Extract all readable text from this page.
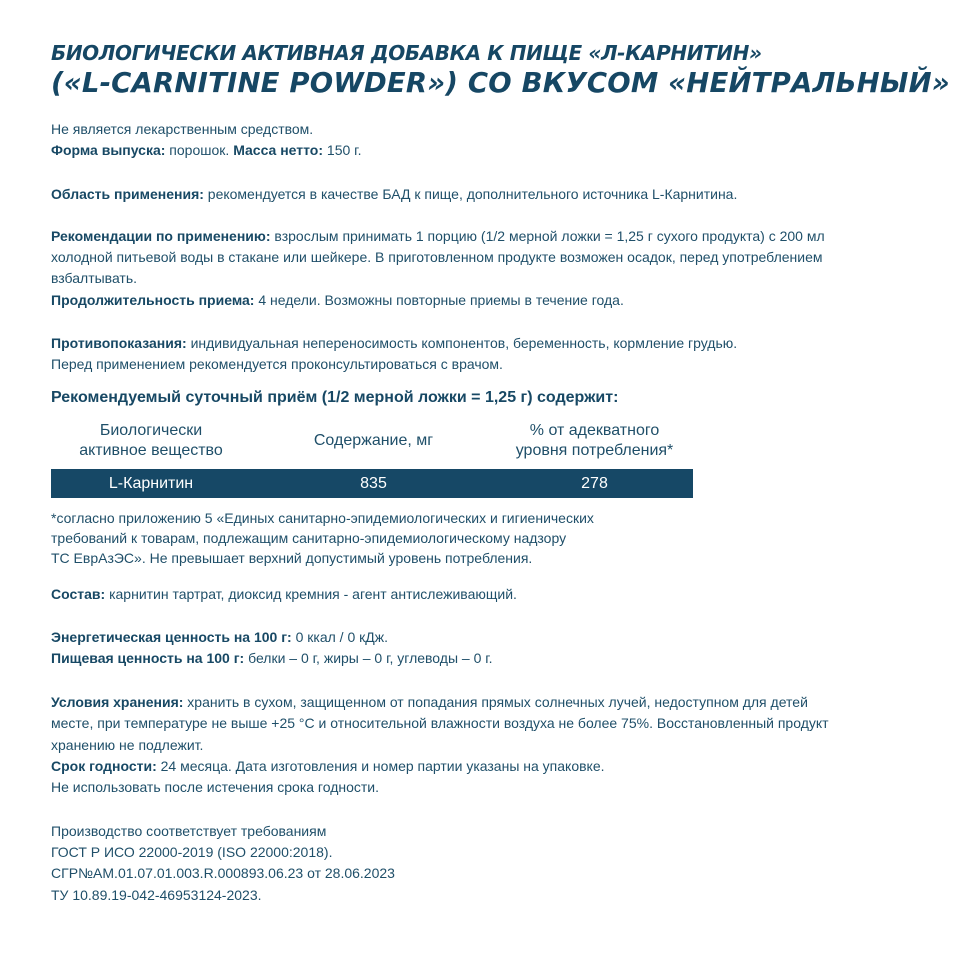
БИОЛОГИЧЕСКИ АКТИВНАЯ ДОБАВКА К ПИЩЕ «Л-КАРНИТИН»
(«L-CARNITINE POWDER») СО ВКУСОМ «НЕЙТРАЛЬНЫЙ»

Не является лекарственным средством.

Форма выпуска: порошок. Масса нетто: 150 г.

Область применения: рекомендуется в качестве БАД к пище, дополнительного источника L-Карнитина.

Рекомендации по применению: взрослым принимать 1 порцию (1/2 мерной ложки = 1,25 г сухого продукта) с 200 мл

холодной питьевой воды в стакане или шейкере. В приготовленном продукте возможен осадок, перед употреблением

взбалтывать.

Продолжительность приема: 4 недели. Возможны повторные приемы в течение года.

Противопоказания: индивидуальная непереносимость компонентов, беременность, кормление грудью.

Перед применением рекомендуется проконсультироваться с врачом.

Рекомендуемый суточный приём (1/2 мерной ложки = 1,25 г) содержит:
Биологически
активное вещество
Содержание, мг
% от адекватного
уровня потребления*
L-Карнитин	835	278

*согласно приложению 5 «Единых санитарно-эпидемиологических и гигиенических

требований к товарам, подлежащим санитарно-эпидемиологическому надзору

ТС ЕврАзЭС». Не превышает верхний допустимый уровень потребления.

Состав: карнитин тартрат, диоксид кремния - агент антислеживающий.

Энергетическая ценность на 100 г: 0 ккал / 0 кДж.

Пищевая ценность на 100 г: белки – 0 г, жиры – 0 г, углеводы – 0 г.

Условия хранения: хранить в сухом, защищенном от попадания прямых солнечных лучей, недоступном для детей

месте, при температуре не выше +25 °С и относительной влажности воздуха не более 75%. Восстановленный продукт

хранению не подлежит.

Срок годности: 24 месяца. Дата изготовления и номер партии указаны на упаковке.

Не использовать после истечения срока годности.

Производство соответствует требованиям

ГОСТ Р ИСО 22000-2019 (ISO 22000:2018).

СГР№AM.01.07.01.003.R.000893.06.23 от 28.06.2023

ТУ 10.89.19-042-46953124-2023.
